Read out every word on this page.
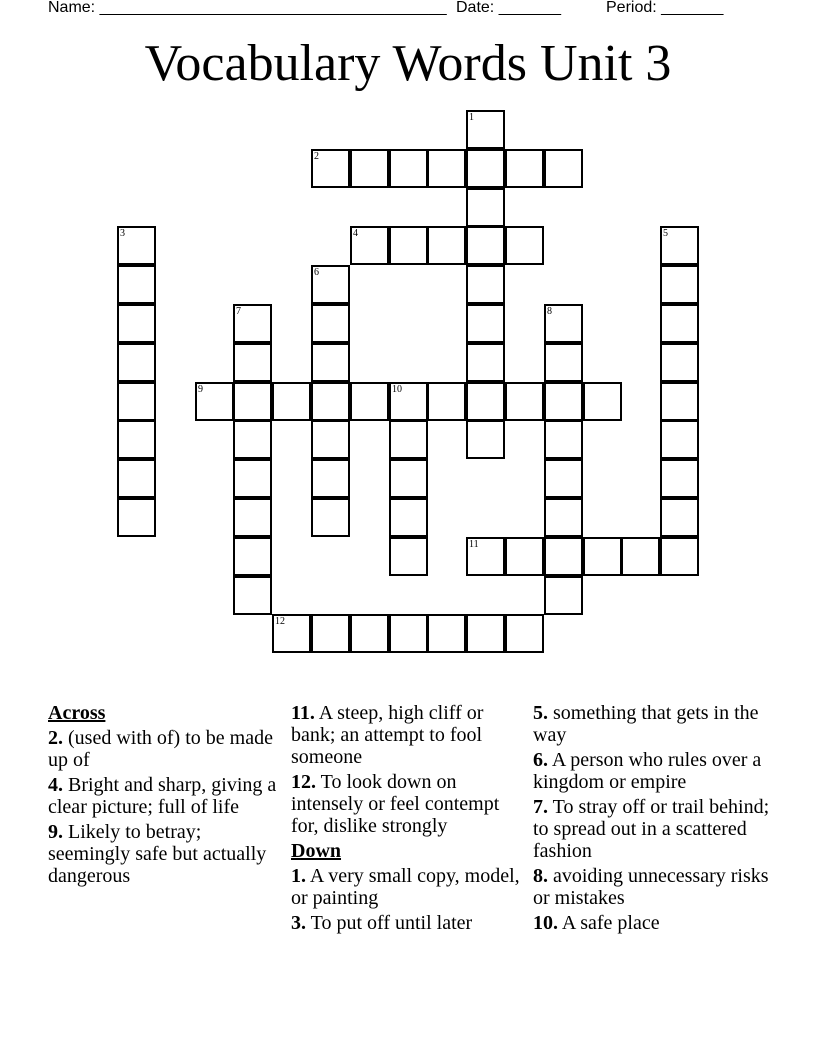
Name: _______________________________________ Date: _______	Period: _______
Vocabulary Words Unit 3
2
4
9	10
11
12
1
3	5
6
7	8
Across
2. (used with of) to be made up of
4. Bright and sharp, giving a clear picture; full of life
9. Likely to betray; seemingly safe but actually dangerous
11. A steep, high cliff or bank; an attempt to fool someone
12. To look down on intensely or feel contempt for, dislike strongly
Down
1. A very small copy, model, or painting
3. To put off until later
5. something that gets in the way
6. A person who rules over a kingdom or empire
7. To stray off or trail behind; to spread out in a scattered fashion
8. avoiding unnecessary risks or mistakes
10. A safe place
